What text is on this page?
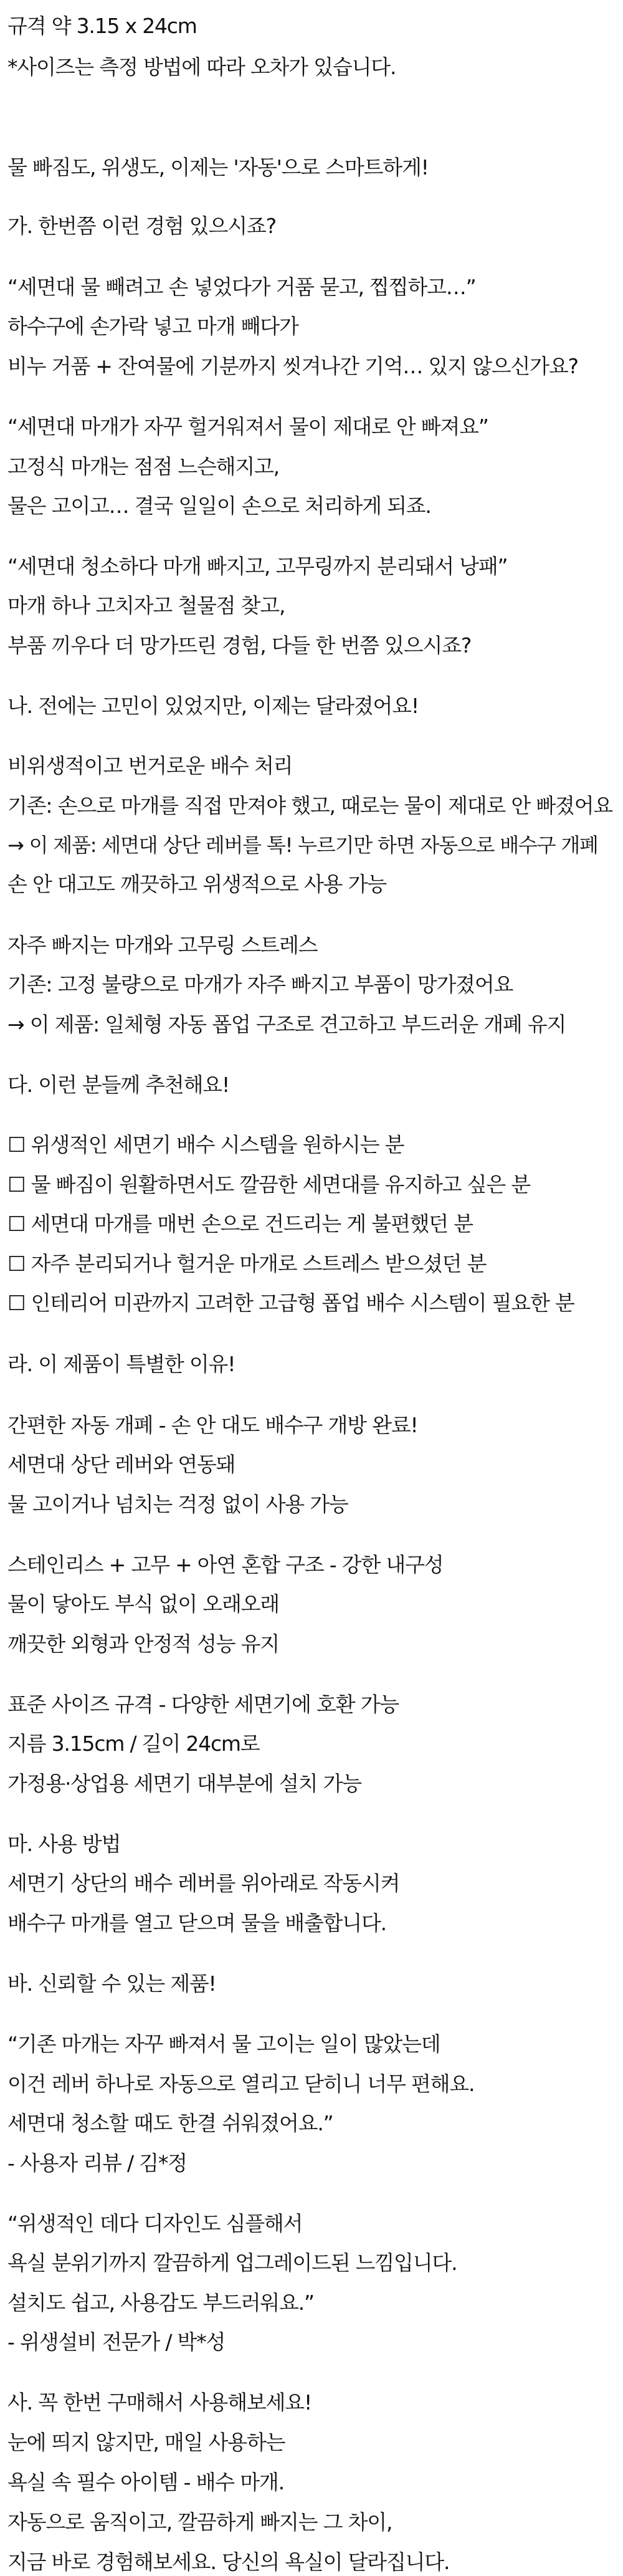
규격 약 3.15 x 24cm

*사이즈는 측정 방법에 따라 오차가 있습니다.

물 빠짐도, 위생도, 이제는 '자동'으로 스마트하게!

가. 한번쯤 이런 경험 있으시죠?

“세면대 물 빼려고 손 넣었다가 거품 묻고, 찝찝하고…”

하수구에 손가락 넣고 마개 빼다가

비누 거품 + 잔여물에 기분까지 씻겨나간 기억… 있지 않으신가요?

“세면대 마개가 자꾸 헐거워져서 물이 제대로 안 빠져요”

고정식 마개는 점점 느슨해지고,

물은 고이고… 결국 일일이 손으로 처리하게 되죠.

“세면대 청소하다 마개 빠지고, 고무링까지 분리돼서 낭패”

마개 하나 고치자고 철물점 찾고,

부품 끼우다 더 망가뜨린 경험, 다들 한 번쯤 있으시죠?

나. 전에는 고민이 있었지만, 이제는 달라졌어요!

비위생적이고 번거로운 배수 처리

기존: 손으로 마개를 직접 만져야 했고, 때로는 물이 제대로 안 빠졌어요

→ 이 제품: 세면대 상단 레버를 톡! 누르기만 하면 자동으로 배수구 개폐

손 안 대고도 깨끗하고 위생적으로 사용 가능

자주 빠지는 마개와 고무링 스트레스

기존: 고정 불량으로 마개가 자주 빠지고 부품이 망가졌어요

→ 이 제품: 일체형 자동 폽업 구조로 견고하고 부드러운 개폐 유지

다. 이런 분들께 추천해요!

☐ 위생적인 세면기 배수 시스템을 원하시는 분

☐ 물 빠짐이 원활하면서도 깔끔한 세면대를 유지하고 싶은 분

☐ 세면대 마개를 매번 손으로 건드리는 게 불편했던 분

☐ 자주 분리되거나 헐거운 마개로 스트레스 받으셨던 분

☐ 인테리어 미관까지 고려한 고급형 폽업 배수 시스템이 필요한 분

라. 이 제품이 특별한 이유!

간편한 자동 개폐 - 손 안 대도 배수구 개방 완료!

세면대 상단 레버와 연동돼

물 고이거나 넘치는 걱정 없이 사용 가능

스테인리스 + 고무 + 아연 혼합 구조 - 강한 내구성

물이 닿아도 부식 없이 오래오래

깨끗한 외형과 안정적 성능 유지

표준 사이즈 규격 - 다양한 세면기에 호환 가능

지름 3.15cm / 길이 24cm로

가정용·상업용 세면기 대부분에 설치 가능

마. 사용 방법

세면기 상단의 배수 레버를 위아래로 작동시켜

배수구 마개를 열고 닫으며 물을 배출합니다.

바. 신뢰할 수 있는 제품!

“기존 마개는 자꾸 빠져서 물 고이는 일이 많았는데

이건 레버 하나로 자동으로 열리고 닫히니 너무 편해요.

세면대 청소할 때도 한결 쉬워졌어요.”

- 사용자 리뷰 / 김*정

“위생적인 데다 디자인도 심플해서

욕실 분위기까지 깔끔하게 업그레이드된 느낌입니다.

설치도 쉽고, 사용감도 부드러워요.”

- 위생설비 전문가 / 박*성

사. 꼭 한번 구매해서 사용해보세요!

눈에 띄지 않지만, 매일 사용하는

욕실 속 필수 아이템 - 배수 마개.

자동으로 움직이고, 깔끔하게 빠지는 그 차이,

지금 바로 경험해보세요. 당신의 욕실이 달라집니다.
